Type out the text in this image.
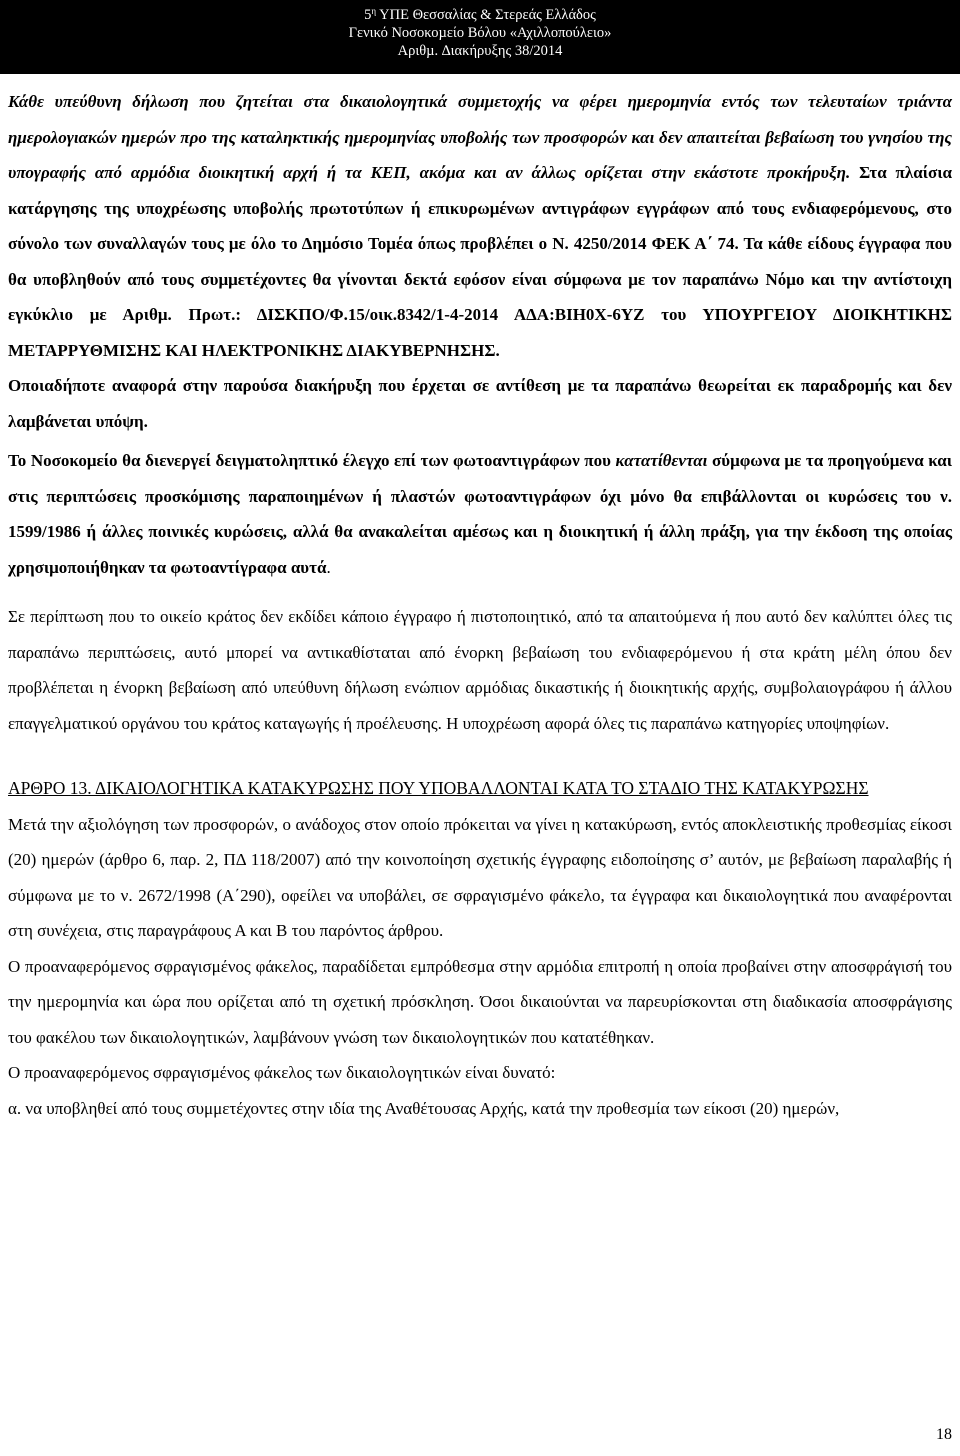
$5^\eta$ ΥΠΕ Θεσσαλίας & Στερεάς Ελλάδος
Γενικό Νοσοκοµείο Βόλου «Αχιλλοπούλειο»
Αριθµ. ∆ιακήρυξης 38/2014

Κάθε υπεύθυνη δήλωση που ζητείται στα δικαιολογητικά συμμετοχής να φέρει ημερομηνία εντός των τελευταίων τριάντα ημερολογιακών ημερών προ της καταληκτικής ημερομηνίας υποβολής των προσφορών και δεν απαιτείται βεβαίωση του γνησίου της υπογραφής από αρμόδια διοικητική αρχή ή τα ΚΕΠ, ακόμα και αν άλλως ορίζεται στην εκάστοτε προκήρυξη. Στα πλαίσια κατάργησης της υποχρέωσης υποβολής πρωτοτύπων ή επικυρωμένων αντιγράφων εγγράφων από τους ενδιαφερόμενους, στο σύνολο των συναλλαγών τους με όλο το Δημόσιο Τομέα όπως προβλέπει ο Ν. 4250/2014 ΦΕΚ Α΄ 74. Τα κάθε είδους έγγραφα που θα υποβληθούν από τους συμμετέχοντες θα γίνονται δεκτά εφόσον είναι σύμφωνα με τον παραπάνω Νόμο και την αντίστοιχη εγκύκλιο με Αριθμ. Πρωτ.: ΔΙΣΚΠΟ/Φ.15/οικ.8342/1-4-2014 ΑΔΑ:ΒΙΗ0Χ-6ΥΖ του ΥΠΟΥΡΓΕΙΟΥ ΔΙΟΙΚΗΤΙΚΗΣ ΜΕΤΑΡΡΥΘΜΙΣΗΣ ΚΑΙ ΗΛΕΚΤΡΟΝΙΚΗΣ ΔΙΑΚΥΒΕΡΝΗΣΗΣ.

Οποιαδήποτε αναφορά στην παρούσα διακήρυξη που έρχεται σε αντίθεση με τα παραπάνω θεωρείται εκ παραδρομής και δεν λαμβάνεται υπόψη.

Το Νοσοκομείο θα διενεργεί δειγματοληπτικό έλεγχο επί των φωτοαντιγράφων που κατατίθενται σύμφωνα με τα προηγούμενα και στις περιπτώσεις προσκόμισης παραποιημένων ή πλαστών φωτοαντιγράφων όχι μόνο θα επιβάλλονται οι κυρώσεις του ν. 1599/1986 ή άλλες ποινικές κυρώσεις, αλλά θα ανακαλείται αμέσως και η διοικητική ή άλλη πράξη, για την έκδοση της οποίας χρησιμοποιήθηκαν τα φωτοαντίγραφα αυτά.

Σε περίπτωση που το οικείο κράτος δεν εκδίδει κάποιο έγγραφο ή πιστοποιητικό, από τα απαιτούμενα ή που αυτό δεν καλύπτει όλες τις παραπάνω περιπτώσεις, αυτό μπορεί να αντικαθίσταται από ένορκη βεβαίωση του ενδιαφερόμενου ή στα κράτη μέλη όπου δεν προβλέπεται η ένορκη βεβαίωση από υπεύθυνη δήλωση ενώπιον αρμόδιας δικαστικής ή διοικητικής αρχής, συμβολαιογράφου ή άλλου επαγγελματικού οργάνου του κράτος καταγωγής ή προέλευσης. Η υποχρέωση αφορά όλες τις παραπάνω κατηγορίες υποψηφίων.

ΑΡΘΡΟ 13. ΔΙΚΑΙΟΛΟΓΗΤΙΚΑ ΚΑΤΑΚΥΡΩΣΗΣ ΠΟΥ ΥΠΟΒΑΛΛΟΝΤΑΙ ΚΑΤΑ ΤΟ ΣΤΑΔΙΟ ΤΗΣ ΚΑΤΑΚΥΡΩΣΗΣ

Μετά την αξιολόγηση των προσφορών, ο ανάδοχος στον οποίο πρόκειται να γίνει η κατακύρωση, εντός αποκλειστικής προθεσμίας είκοσι (20) ημερών (άρθρο 6, παρ. 2, ΠΔ 118/2007) από την κοινοποίηση σχετικής έγγραφης ειδοποίησης σ’ αυτόν, με βεβαίωση παραλαβής ή σύμφωνα με το ν. 2672/1998 (Α΄290), οφείλει να υποβάλει, σε σφραγισμένο φάκελο, τα έγγραφα και δικαιολογητικά που αναφέρονται στη συνέχεια, στις παραγράφους Α και Β του παρόντος άρθρου.

Ο προαναφερόμενος σφραγισμένος φάκελος, παραδίδεται εμπρόθεσμα στην αρμόδια επιτροπή η οποία προβαίνει στην αποσφράγισή του την ημερομηνία και ώρα που ορίζεται από τη σχετική πρόσκληση. Όσοι δικαιούνται να παρευρίσκονται στη διαδικασία αποσφράγισης του φακέλου των δικαιολογητικών, λαμβάνουν γνώση των δικαιολογητικών που κατατέθηκαν.

Ο προαναφερόμενος σφραγισμένος φάκελος των δικαιολογητικών είναι δυνατό:

α. να υποβληθεί από τους συμμετέχοντες στην ιδία της Αναθέτουσας Αρχής, κατά την προθεσμία των είκοσι (20) ημερών,

18
